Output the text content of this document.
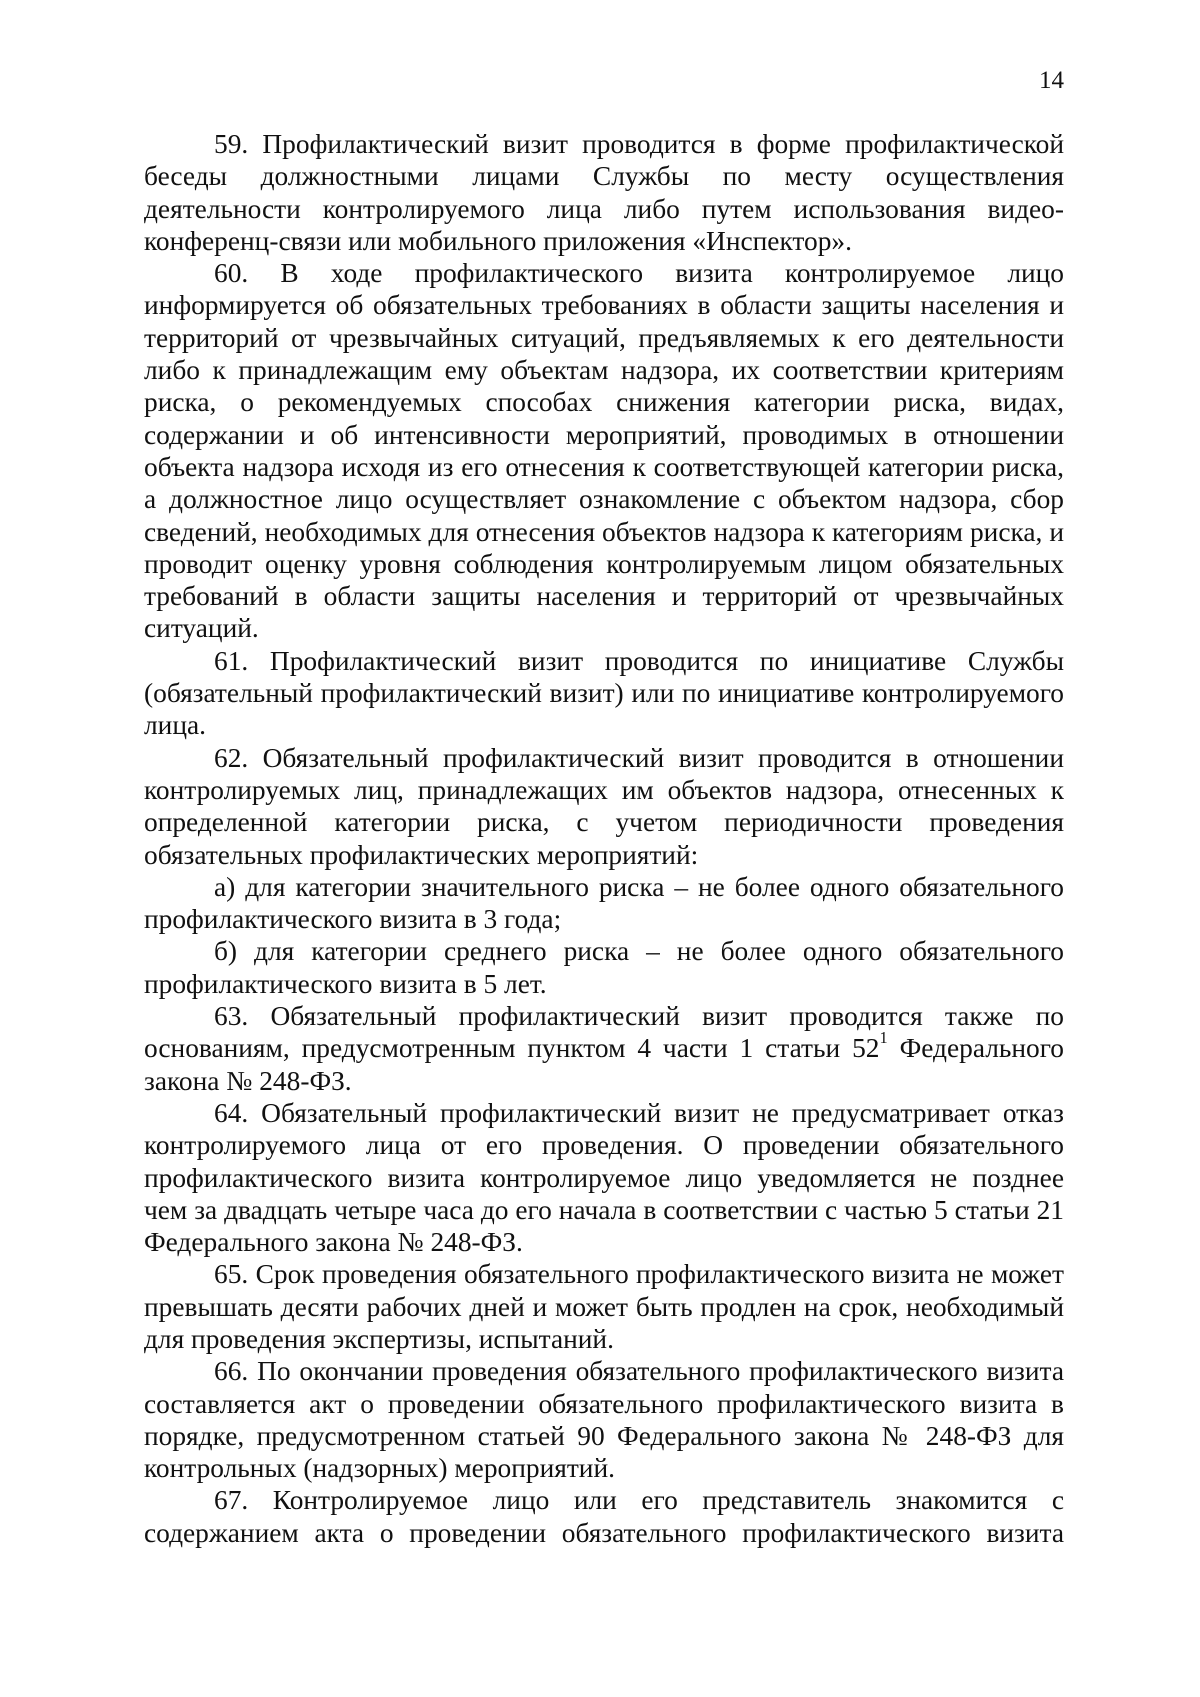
14

59. Профилактический визит проводится в форме профилактической беседы должностными лицами Службы по месту осуществления деятельности контролируемого лица либо путем использования видео-конференц-связи или мобильного приложения «Инспектор».

60. В ходе профилактического визита контролируемое лицо информируется об обязательных требованиях в области защиты населения и территорий от чрезвычайных ситуаций, предъявляемых к его деятельности либо к принадлежащим ему объектам надзора, их соответствии критериям риска, о рекомендуемых способах снижения категории риска, видах, содержании и об интенсивности мероприятий, проводимых в отношении объекта надзора исходя из его отнесения к соответствующей категории риска, а должностное лицо осуществляет ознакомление с объектом надзора, сбор сведений, необходимых для отнесения объектов надзора к категориям риска, и проводит оценку уровня соблюдения контролируемым лицом обязательных требований в области защиты населения и территорий от чрезвычайных ситуаций.

61. Профилактический визит проводится по инициативе Службы (обязательный профилактический визит) или по инициативе контролируемого лица.

62. Обязательный профилактический визит проводится в отношении контролируемых лиц, принадлежащих им объектов надзора, отнесенных к определенной категории риска, с учетом периодичности проведения обязательных профилактических мероприятий:

а) для категории значительного риска – не более одного обязательного профилактического визита в 3 года;

б) для категории среднего риска – не более одного обязательного профилактического визита в 5 лет.

63. Обязательный профилактический визит проводится также по основаниям, предусмотренным пунктом 4 части 1 статьи $52^1$ Федерального закона № 248-ФЗ.

64. Обязательный профилактический визит не предусматривает отказ контролируемого лица от его проведения. О проведении обязательного профилактического визита контролируемое лицо уведомляется не позднее чем за двадцать четыре часа до его начала в соответствии с частью 5 статьи 21 Федерального закона № 248-ФЗ.

65. Срок проведения обязательного профилактического визита не может превышать десяти рабочих дней и может быть продлен на срок, необходимый для проведения экспертизы, испытаний.

66. По окончании проведения обязательного профилактического визита составляется акт о проведении обязательного профилактического визита в порядке, предусмотренном статьей 90 Федерального закона № 248-ФЗ для контрольных (надзорных) мероприятий.

67. Контролируемое лицо или его представитель знакомится с содержанием акта о проведении обязательного профилактического визита
